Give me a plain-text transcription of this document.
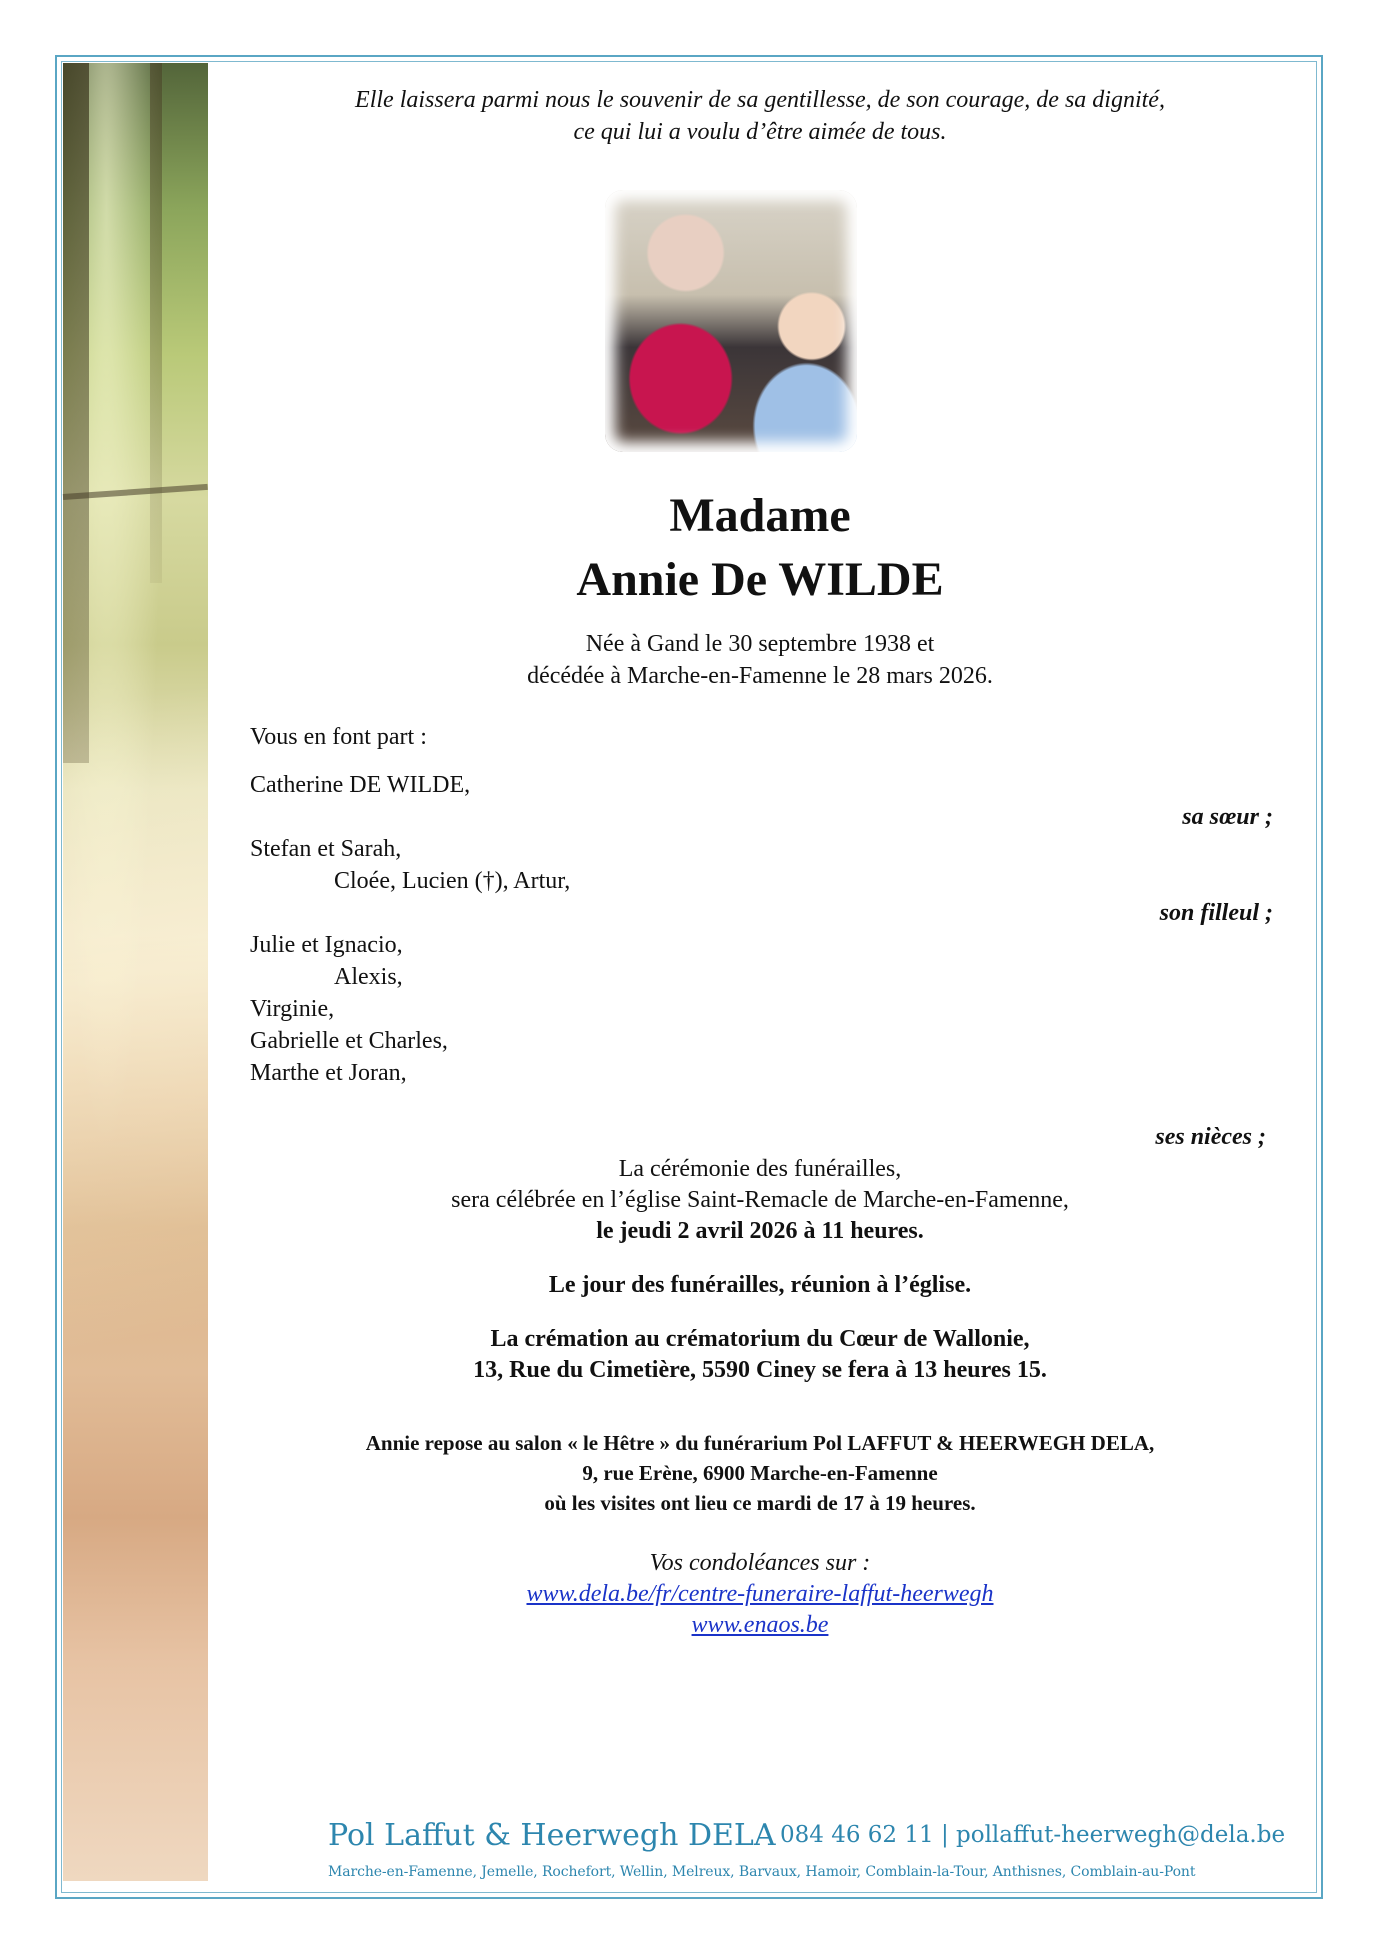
Elle laissera parmi nous le souvenir de sa gentillesse, de son courage, de sa dignité,
ce qui lui a voulu d’être aimée de tous.
Madame
Annie De WILDE
Née à Gand le 30 septembre 1938 et
décédée à Marche-en-Famenne le 28 mars 2026.
Vous en font part :
Catherine DE WILDE,
sa sœur ;
Stefan et Sarah,
Cloée, Lucien (†), Artur,
son filleul ;
Julie et Ignacio,
Alexis,
Virginie,
Gabrielle et Charles,
Marthe et Joran,
ses nièces ;
La cérémonie des funérailles,
sera célébrée en l’église Saint-Remacle de Marche-en-Famenne,
le jeudi 2 avril 2026 à 11 heures.
Le jour des funérailles, réunion à l’église.
La crémation au crématorium du Cœur de Wallonie,
13, Rue du Cimetière, 5590 Ciney se fera à 13 heures 15.
Annie repose au salon « le Hêtre » du funérarium Pol LAFFUT & HEERWEGH DELA,
9, rue Erène, 6900 Marche-en-Famenne
où les visites ont lieu ce mardi de 17 à 19 heures.
Vos condoléances sur :
www.dela.be/fr/centre-funeraire-laffut-heerwegh
www.enaos.be
Pol Laffut & Heerwegh DELA 084 46 62 11 | pollaffut-heerwegh@dela.be
Marche-en-Famenne, Jemelle, Rochefort, Wellin, Melreux, Barvaux, Hamoir, Comblain-la-Tour, Anthisnes, Comblain-au-Pont
